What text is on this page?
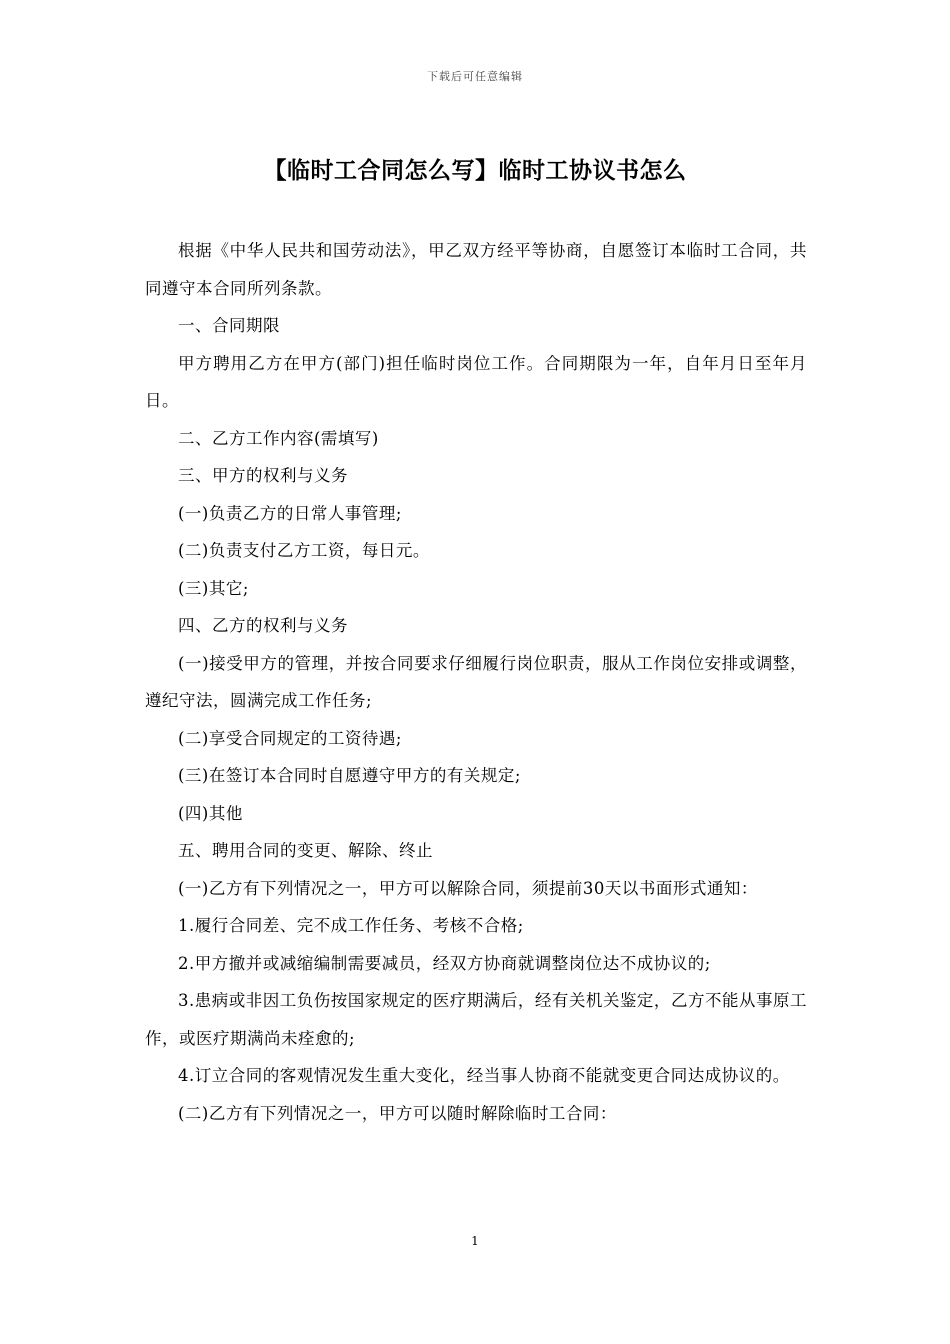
下载后可任意编辑
【临时工合同怎么写】临时工协议书怎么

根据《中华人民共和国劳动法》，甲乙双方经平等协商，自愿签订本临时工合同，共同遵守本合同所列条款。

一、合同期限

甲方聘用乙方在甲方(部门)担任临时岗位工作。合同期限为一年，自年月日至年月日。

二、乙方工作内容(需填写)

三、甲方的权利与义务

(一)负责乙方的日常人事管理;

(二)负责支付乙方工资，每日元。

(三)其它;

四、乙方的权利与义务

(一)接受甲方的管理，并按合同要求仔细履行岗位职责，服从工作岗位安排或调整，遵纪守法，圆满完成工作任务;

(二)享受合同规定的工资待遇;

(三)在签订本合同时自愿遵守甲方的有关规定;

(四)其他

五、聘用合同的变更、解除、终止

(一)乙方有下列情况之一，甲方可以解除合同，须提前30天以书面形式通知：

1.履行合同差、完不成工作任务、考核不合格;

2.甲方撤并或减缩编制需要减员，经双方协商就调整岗位达不成协议的;

3.患病或非因工负伤按国家规定的医疗期满后，经有关机关鉴定，乙方不能从事原工作，或医疗期满尚未痊愈的;

4.订立合同的客观情况发生重大变化，经当事人协商不能就变更合同达成协议的。

(二)乙方有下列情况之一，甲方可以随时解除临时工合同：

1
